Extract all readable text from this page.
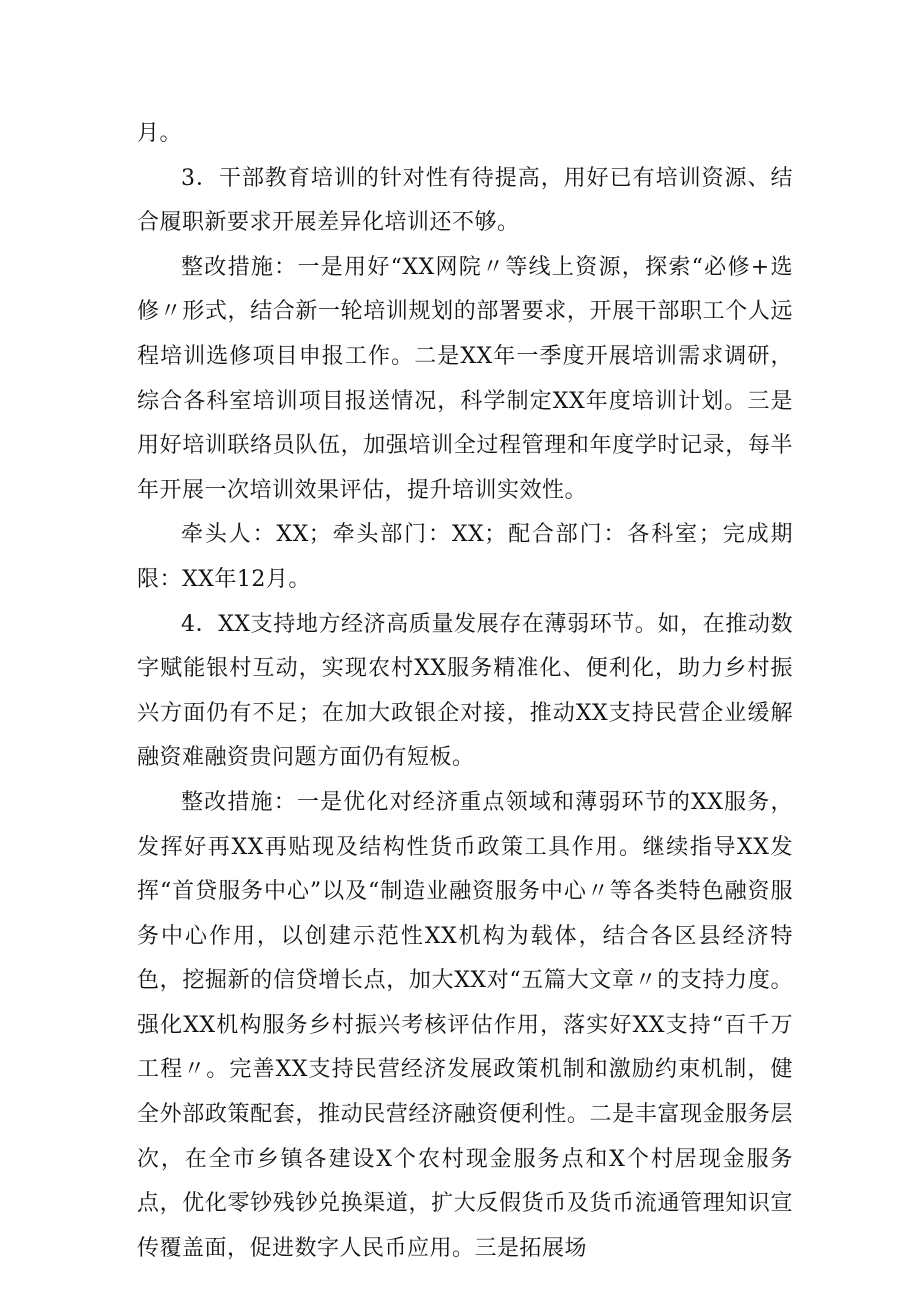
月。

3．干部教育培训的针对性有待提高，用好已有培训资源、结合履职新要求开展差异化培训还不够。

整改措施：一是用好“XX网院〃等线上资源，探索“必修+选修〃形式，结合新一轮培训规划的部署要求，开展干部职工个人远程培训选修项目申报工作。二是XX年一季度开展培训需求调研，综合各科室培训项目报送情况，科学制定XX年度培训计划。三是用好培训联络员队伍，加强培训全过程管理和年度学时记录，每半年开展一次培训效果评估，提升培训实效性。

牵头人：XX；牵头部门：XX；配合部门：各科室；完成期限：XX年12月。

4．XX支持地方经济高质量发展存在薄弱环节。如，在推动数字赋能银村互动，实现农村XX服务精准化、便利化，助力乡村振兴方面仍有不足；在加大政银企对接，推动XX支持民营企业缓解融资难融资贵问题方面仍有短板。

整改措施：一是优化对经济重点领域和薄弱环节的XX服务，发挥好再XX再贴现及结构性货币政策工具作用。继续指导XX发挥“首贷服务中心”以及“制造业融资服务中心〃等各类特色融资服务中心作用，以创建示范性XX机构为载体，结合各区县经济特色，挖掘新的信贷增长点，加大XX对“五篇大文章〃的支持力度。强化XX机构服务乡村振兴考核评估作用，落实好XX支持“百千万工程〃。完善XX支持民营经济发展政策机制和激励约束机制，健全外部政策配套，推动民营经济融资便利性。二是丰富现金服务层次，在全市乡镇各建设X个农村现金服务点和X个村居现金服务点，优化零钞残钞兑换渠道，扩大反假货币及货币流通管理知识宣传覆盖面，促进数字人民币应用。三是拓展场
